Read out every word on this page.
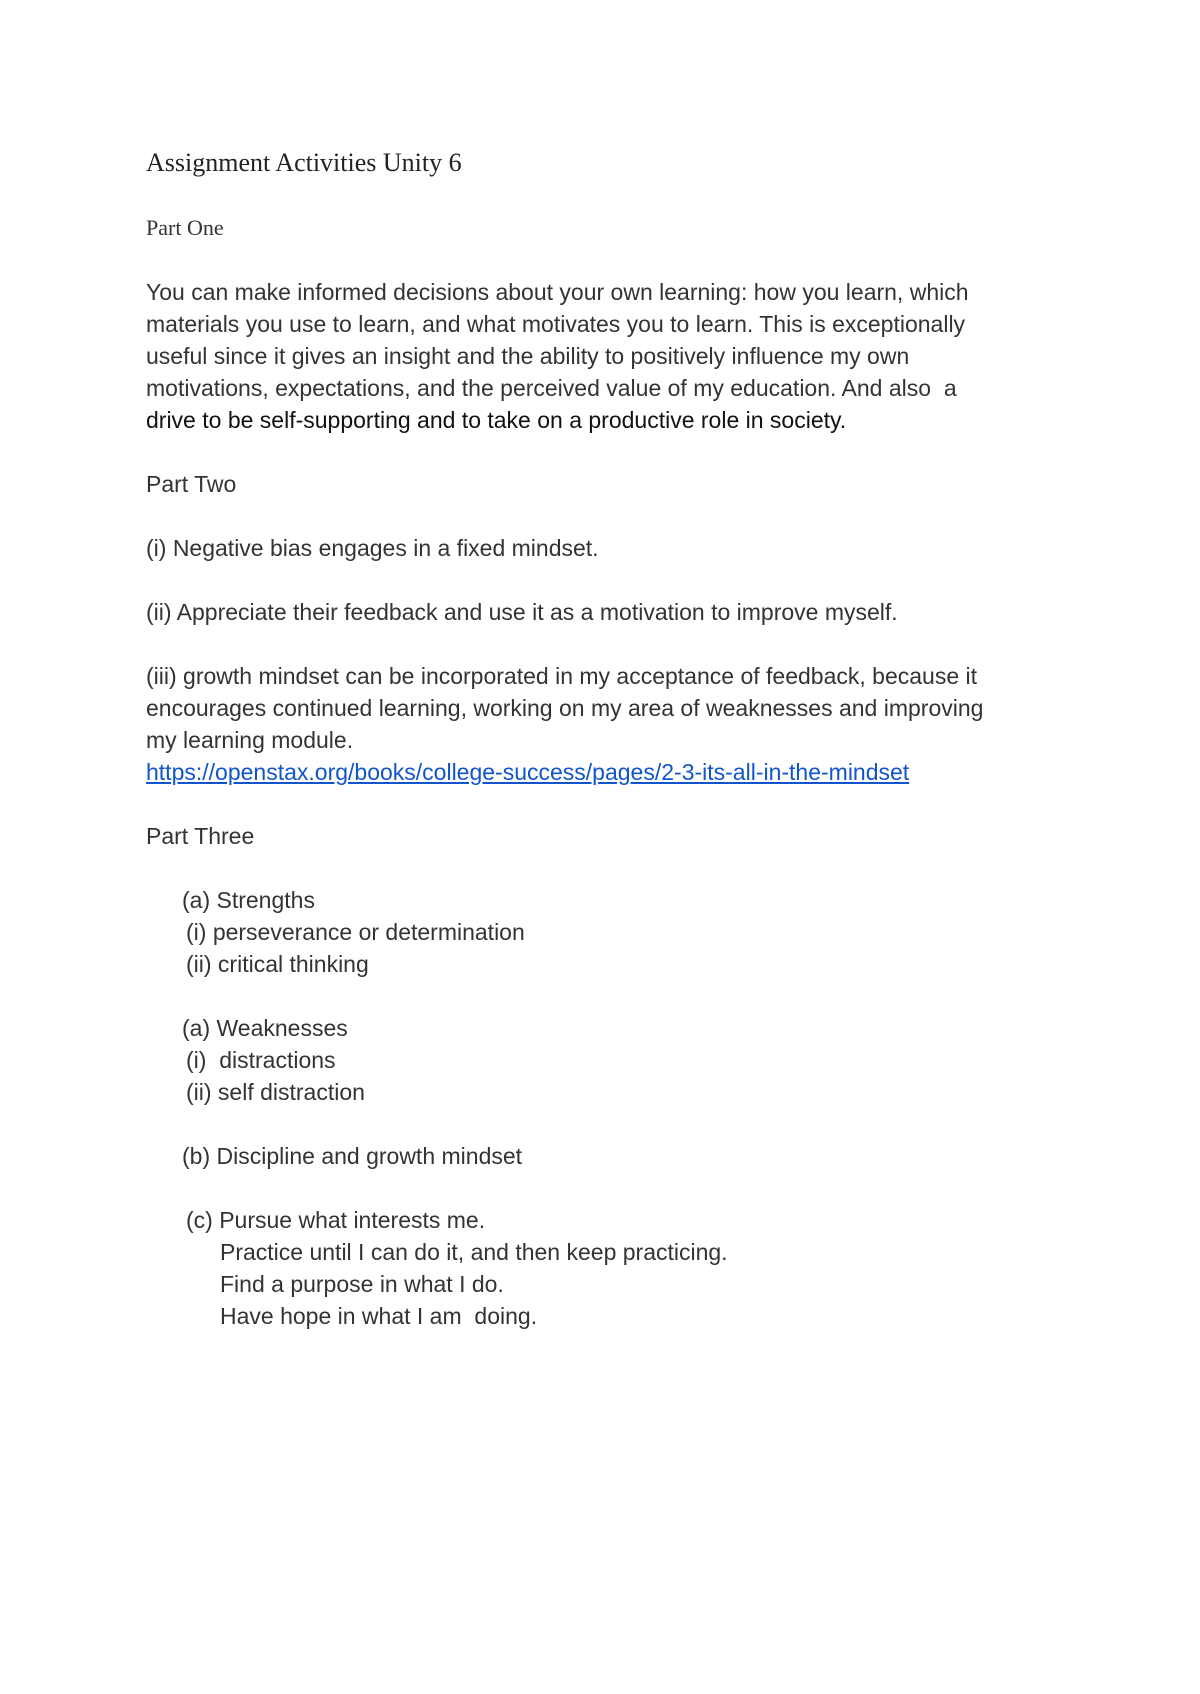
Assignment Activities Unity 6
Part One
You can make informed decisions about your own learning: how you learn, which
materials you use to learn, and what motivates you to learn. This is exceptionally
useful since it gives an insight and the ability to positively influence my own
motivations, expectations, and the perceived value of my education. And also  a
drive to be self-supporting and to take on a productive role in society.
Part Two
(i) Negative bias engages in a fixed mindset.
(ii) Appreciate their feedback and use it as a motivation to improve myself.
(iii) growth mindset can be incorporated in my acceptance of feedback, because it
encourages continued learning, working on my area of weaknesses and improving
my learning module.
https://openstax.org/books/college-success/pages/2-3-its-all-in-the-mindset
Part Three
(a) Strengths
(i) perseverance or determination
(ii) critical thinking
(a) Weaknesses
(i)  distractions
(ii) self distraction
(b) Discipline and growth mindset
(c) Pursue what interests me.
Practice until I can do it, and then keep practicing.
Find a purpose in what I do.
Have hope in what I am  doing.
